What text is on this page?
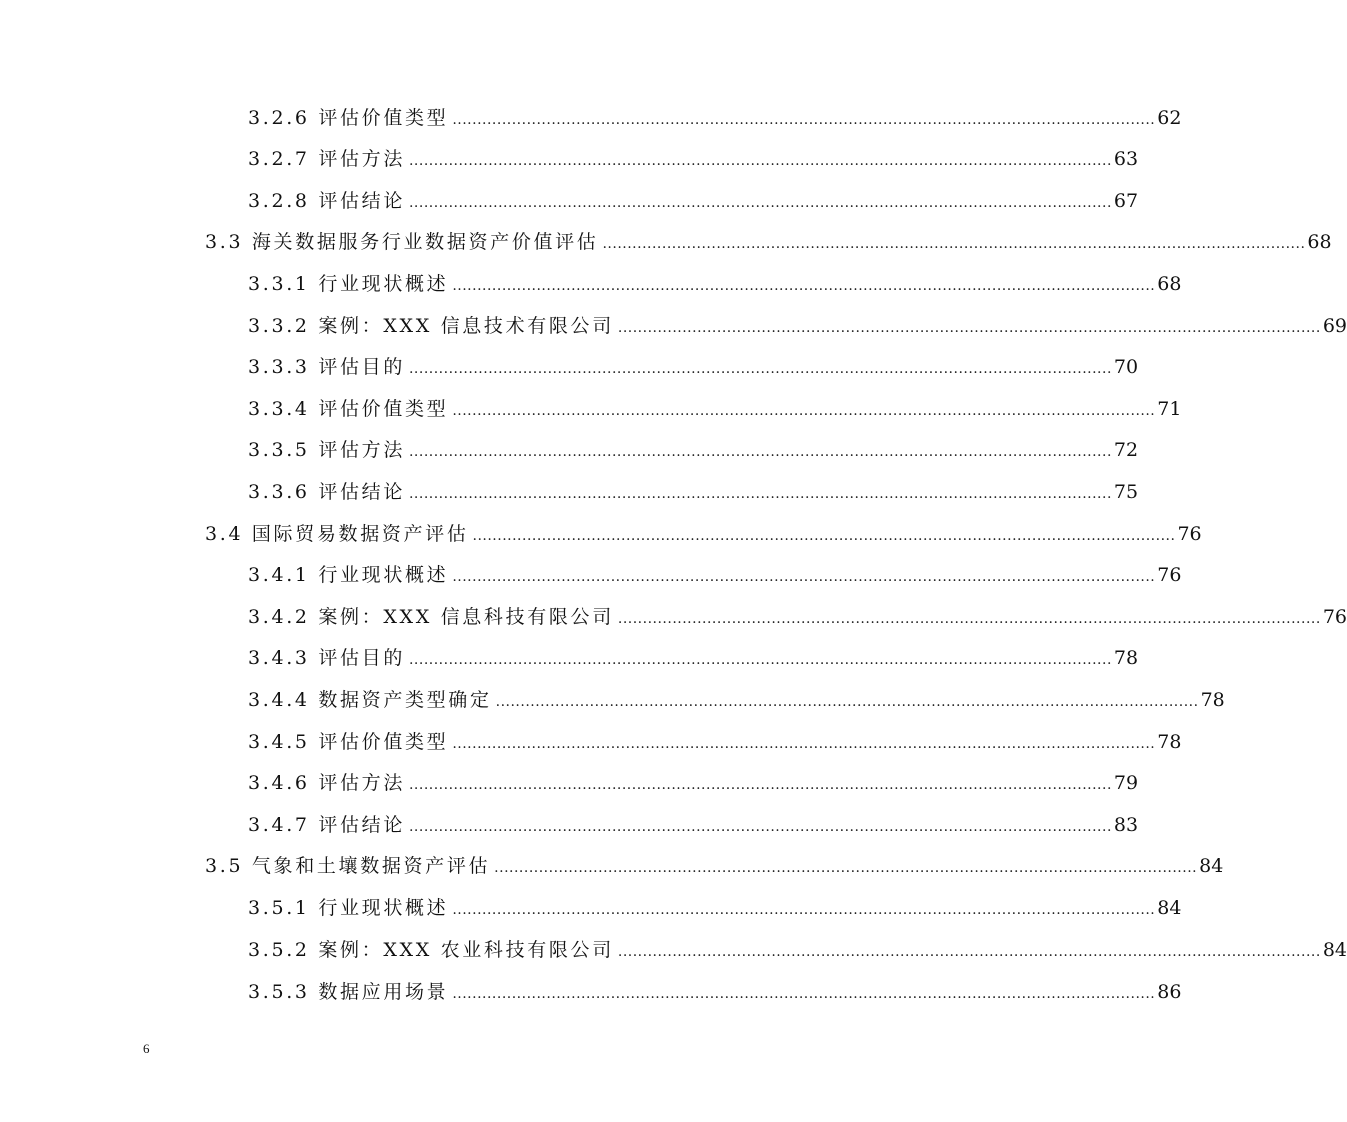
3.2.6 评估价值类型 .............................................................................................................................................. 62
3.2.7 评估方法 .............................................................................................................................................. 63
3.2.8 评估结论 .............................................................................................................................................. 67
3.3 海关数据服务行业数据资产价值评估 .............................................................................................................................................. 68
3.3.1 行业现状概述 .............................................................................................................................................. 68
3.3.2 案例：XXX 信息技术有限公司 .............................................................................................................................................. 69
3.3.3 评估目的 .............................................................................................................................................. 70
3.3.4 评估价值类型 .............................................................................................................................................. 71
3.3.5 评估方法 .............................................................................................................................................. 72
3.3.6 评估结论 .............................................................................................................................................. 75
3.4 国际贸易数据资产评估 .............................................................................................................................................. 76
3.4.1 行业现状概述 .............................................................................................................................................. 76
3.4.2 案例：XXX 信息科技有限公司 .............................................................................................................................................. 76
3.4.3 评估目的 .............................................................................................................................................. 78
3.4.4 数据资产类型确定 .............................................................................................................................................. 78
3.4.5 评估价值类型 .............................................................................................................................................. 78
3.4.6 评估方法 .............................................................................................................................................. 79
3.4.7 评估结论 .............................................................................................................................................. 83
3.5 气象和土壤数据资产评估 .............................................................................................................................................. 84
3.5.1 行业现状概述 .............................................................................................................................................. 84
3.5.2 案例：XXX 农业科技有限公司 .............................................................................................................................................. 84
3.5.3 数据应用场景 .............................................................................................................................................. 86
6
